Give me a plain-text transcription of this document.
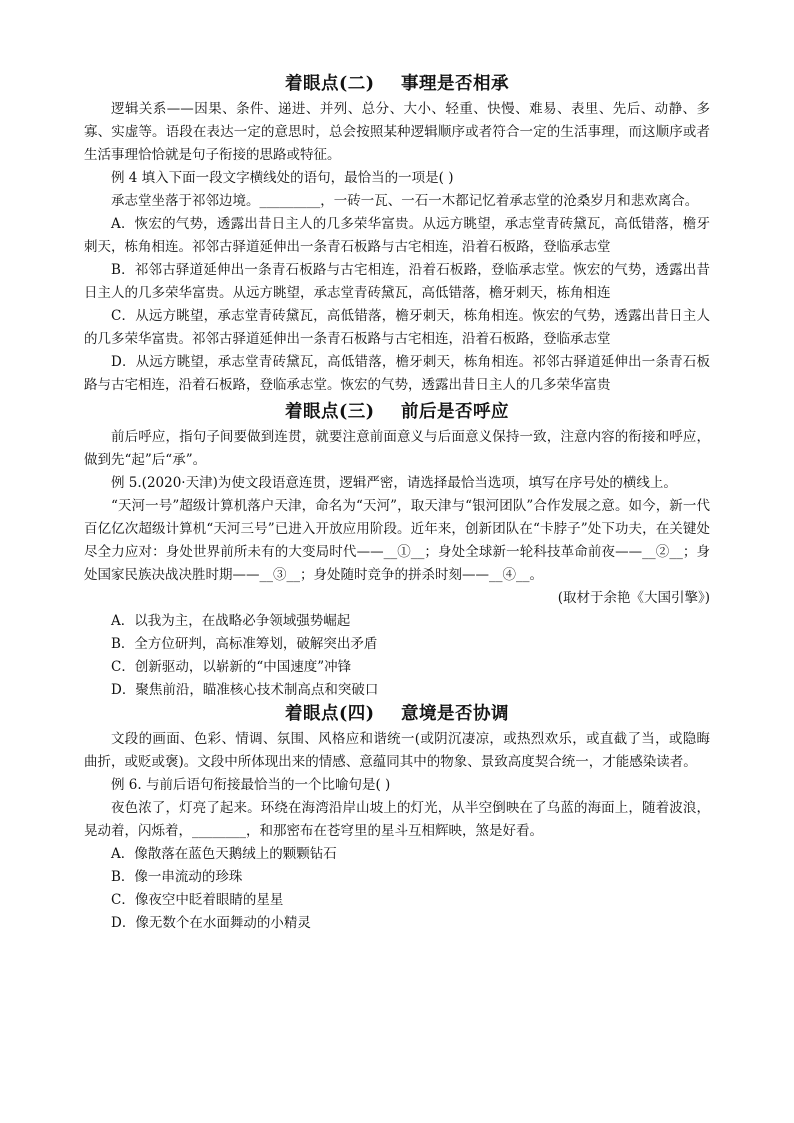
着眼点(二)    事理是否相承

逻辑关系——因果、条件、递进、并列、总分、大小、轻重、快慢、难易、表里、先后、动静、多寡、实虚等。语段在表达一定的意思时，总会按照某种逻辑顺序或者符合一定的生活事理，而这顺序或者生活事理恰恰就是句子衔接的思路或特征。

例 4 填入下面一段文字横线处的语句，最恰当的一项是( )

承志堂坐落于祁邻边境。_________，一砖一瓦、一石一木都记忆着承志堂的沧桑岁月和悲欢离合。

A．恢宏的气势，透露出昔日主人的几多荣华富贵。从远方眺望，承志堂青砖黛瓦，高低错落，檐牙刺天，栋角相连。祁邻古驿道延伸出一条青石板路与古宅相连，沿着石板路，登临承志堂

B．祁邻古驿道延伸出一条青石板路与古宅相连，沿着石板路，登临承志堂。恢宏的气势，透露出昔日主人的几多荣华富贵。从远方眺望，承志堂青砖黛瓦，高低错落，檐牙刺天，栋角相连

C．从远方眺望，承志堂青砖黛瓦，高低错落，檐牙刺天，栋角相连。恢宏的气势，透露出昔日主人的几多荣华富贵。祁邻古驿道延伸出一条青石板路与古宅相连，沿着石板路，登临承志堂

D．从远方眺望，承志堂青砖黛瓦，高低错落，檐牙刺天，栋角相连。祁邻古驿道延伸出一条青石板路与古宅相连，沿着石板路，登临承志堂。恢宏的气势，透露出昔日主人的几多荣华富贵

着眼点(三)    前后是否呼应

前后呼应，指句子间要做到连贯，就要注意前面意义与后面意义保持一致，注意内容的衔接和呼应，做到先“起”后“承”。

例 5.(2020·天津)为使文段语意连贯，逻辑严密，请选择最恰当选项，填写在序号处的横线上。

“天河一号”超级计算机落户天津，命名为“天河”，取天津与“银河团队”合作发展之意。如今，新一代百亿亿次超级计算机“天河三号”已进入开放应用阶段。近年来，创新团队在“卡脖子”处下功夫，在关键处尽全力应对：身处世界前所未有的大变局时代——__①__；身处全球新一轮科技革命前夜——__②__；身处国家民族决战决胜时期——__③__；身处随时竞争的拼杀时刻——__④__。

(取材于余艳《大国引擎》)

A．以我为主，在战略必争领域强势崛起

B．全方位研判，高标准筹划，破解突出矛盾

C．创新驱动，以崭新的“中国速度”冲锋

D．聚焦前沿，瞄准核心技术制高点和突破口

着眼点(四)    意境是否协调

文段的画面、色彩、情调、氛围、风格应和谐统一(或阴沉凄凉，或热烈欢乐，或直截了当，或隐晦曲折，或贬或褒)。文段中所体现出来的情感、意蕴同其中的物象、景致高度契合统一，才能感染读者。

例 6. 与前后语句衔接最恰当的一个比喻句是( )

夜色浓了，灯亮了起来。环绕在海湾沿岸山坡上的灯光，从半空倒映在了乌蓝的海面上，随着波浪，晃动着，闪烁着，________，和那密布在苍穹里的星斗互相辉映，煞是好看。

A．像散落在蓝色天鹅绒上的颗颗钻石

B．像一串流动的珍珠

C．像夜空中眨着眼睛的星星

D．像无数个在水面舞动的小精灵
